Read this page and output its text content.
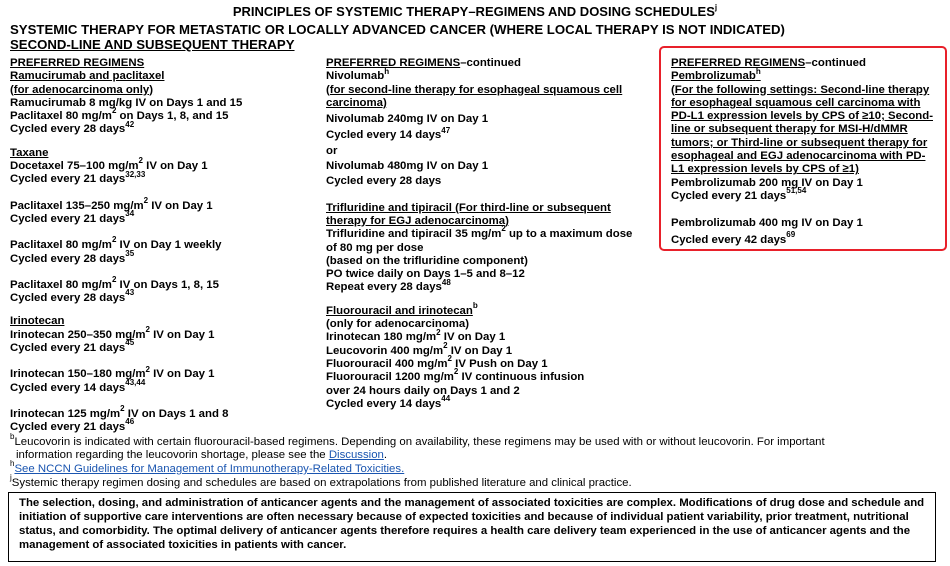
PRINCIPLES OF SYSTEMIC THERAPY–REGIMENS AND DOSING SCHEDULES$^j$
SYSTEMIC THERAPY FOR METASTATIC OR LOCALLY ADVANCED CANCER (WHERE LOCAL THERAPY IS NOT INDICATED)
SECOND-LINE AND SUBSEQUENT THERAPY
PREFERRED REGIMENS
Ramucirumab and paclitaxel
(for adenocarcinoma only)
Ramucirumab 8 mg/kg IV on Days 1 and 15
Paclitaxel 80 $mg/m^2$ on Days 1, 8, and 15
Cycled every 28 days$^{42}$
Taxane
Docetaxel 75–100 $mg/m^2$ IV on Day 1
Cycled every 21 days$^{32,33}$
Paclitaxel 135–250 $mg/m^2$ IV on Day 1
Cycled every 21 days$^{34}$
Paclitaxel 80 $mg/m^2$ IV on Day 1 weekly
Cycled every 28 days$^{35}$
Paclitaxel 80 $mg/m^2$ IV on Days 1, 8, 15
Cycled every 28 days$^{43}$
Irinotecan
Irinotecan 250–350 $mg/m^2$ IV on Day 1
Cycled every 21 days$^{45}$
Irinotecan 150–180 $mg/m^2$ IV on Day 1
Cycled every 14 days$^{43,44}$
Irinotecan 125 $mg/m^2$ IV on Days 1 and 8
Cycled every 21 days$^{46}$
PREFERRED REGIMENS–continued
Nivolumab$^h$
(for second-line therapy for esophageal squamous cell
carcinoma)
Nivolumab 240mg IV on Day 1
Cycled every 14 days$^{47}$
or
Nivolumab 480mg IV on Day 1
Cycled every 28 days
Trifluridine and tipiracil (For third-line or subsequent
therapy for EGJ adenocarcinoma)
Trifluridine and tipiracil 35 $mg/m^2$ up to a maximum dose
of 80 mg per dose
(based on the trifluridine component)
PO twice daily on Days 1–5 and 8–12
Repeat every 28 days$^{48}$
Fluorouracil and irinotecan$^b$
(only for adenocarcinoma)
Irinotecan 180 $mg/m^2$ IV on Day 1
Leucovorin 400 $mg/m^2$ IV on Day 1
Fluorouracil 400 $mg/m^2$ IV Push on Day 1
Fluorouracil 1200 $mg/m^2$ IV continuous infusion
over 24 hours daily on Days 1 and 2
Cycled every 14 days$^{44}$
PREFERRED REGIMENS–continued
Pembrolizumab$^h$
(For the following settings: Second-line therapy
for esophageal squamous cell carcinoma with
PD-L1 expression levels by CPS of ≥10; Second-
line or subsequent therapy for MSI-H/dMMR
tumors; or Third-line or subsequent therapy for
esophageal and EGJ adenocarcinoma with PD-
L1 expression levels by CPS of ≥1)
Pembrolizumab 200 mg IV on Day 1
Cycled every 21 days$^{51,54}$
Pembrolizumab 400 mg IV on Day 1
Cycled every 42 days$^{69}$
$^b$Leucovorin is indicated with certain fluorouracil-based regimens. Depending on availability, these regimens may be used with or without leucovorin. For important
information regarding the leucovorin shortage, please see the Discussion.
$^h$See NCCN Guidelines for Management of Immunotherapy-Related Toxicities.
$^j$Systemic therapy regimen dosing and schedules are based on extrapolations from published literature and clinical practice.
The selection, dosing, and administration of anticancer agents and the management of associated toxicities are complex. Modifications of drug dose and schedule and initiation of supportive care interventions are often necessary because of expected toxicities and because of individual patient variability, prior treatment, nutritional status, and comorbidity. The optimal delivery of anticancer agents therefore requires a health care delivery team experienced in the use of anticancer agents and the management of associated toxicities in patients with cancer.
